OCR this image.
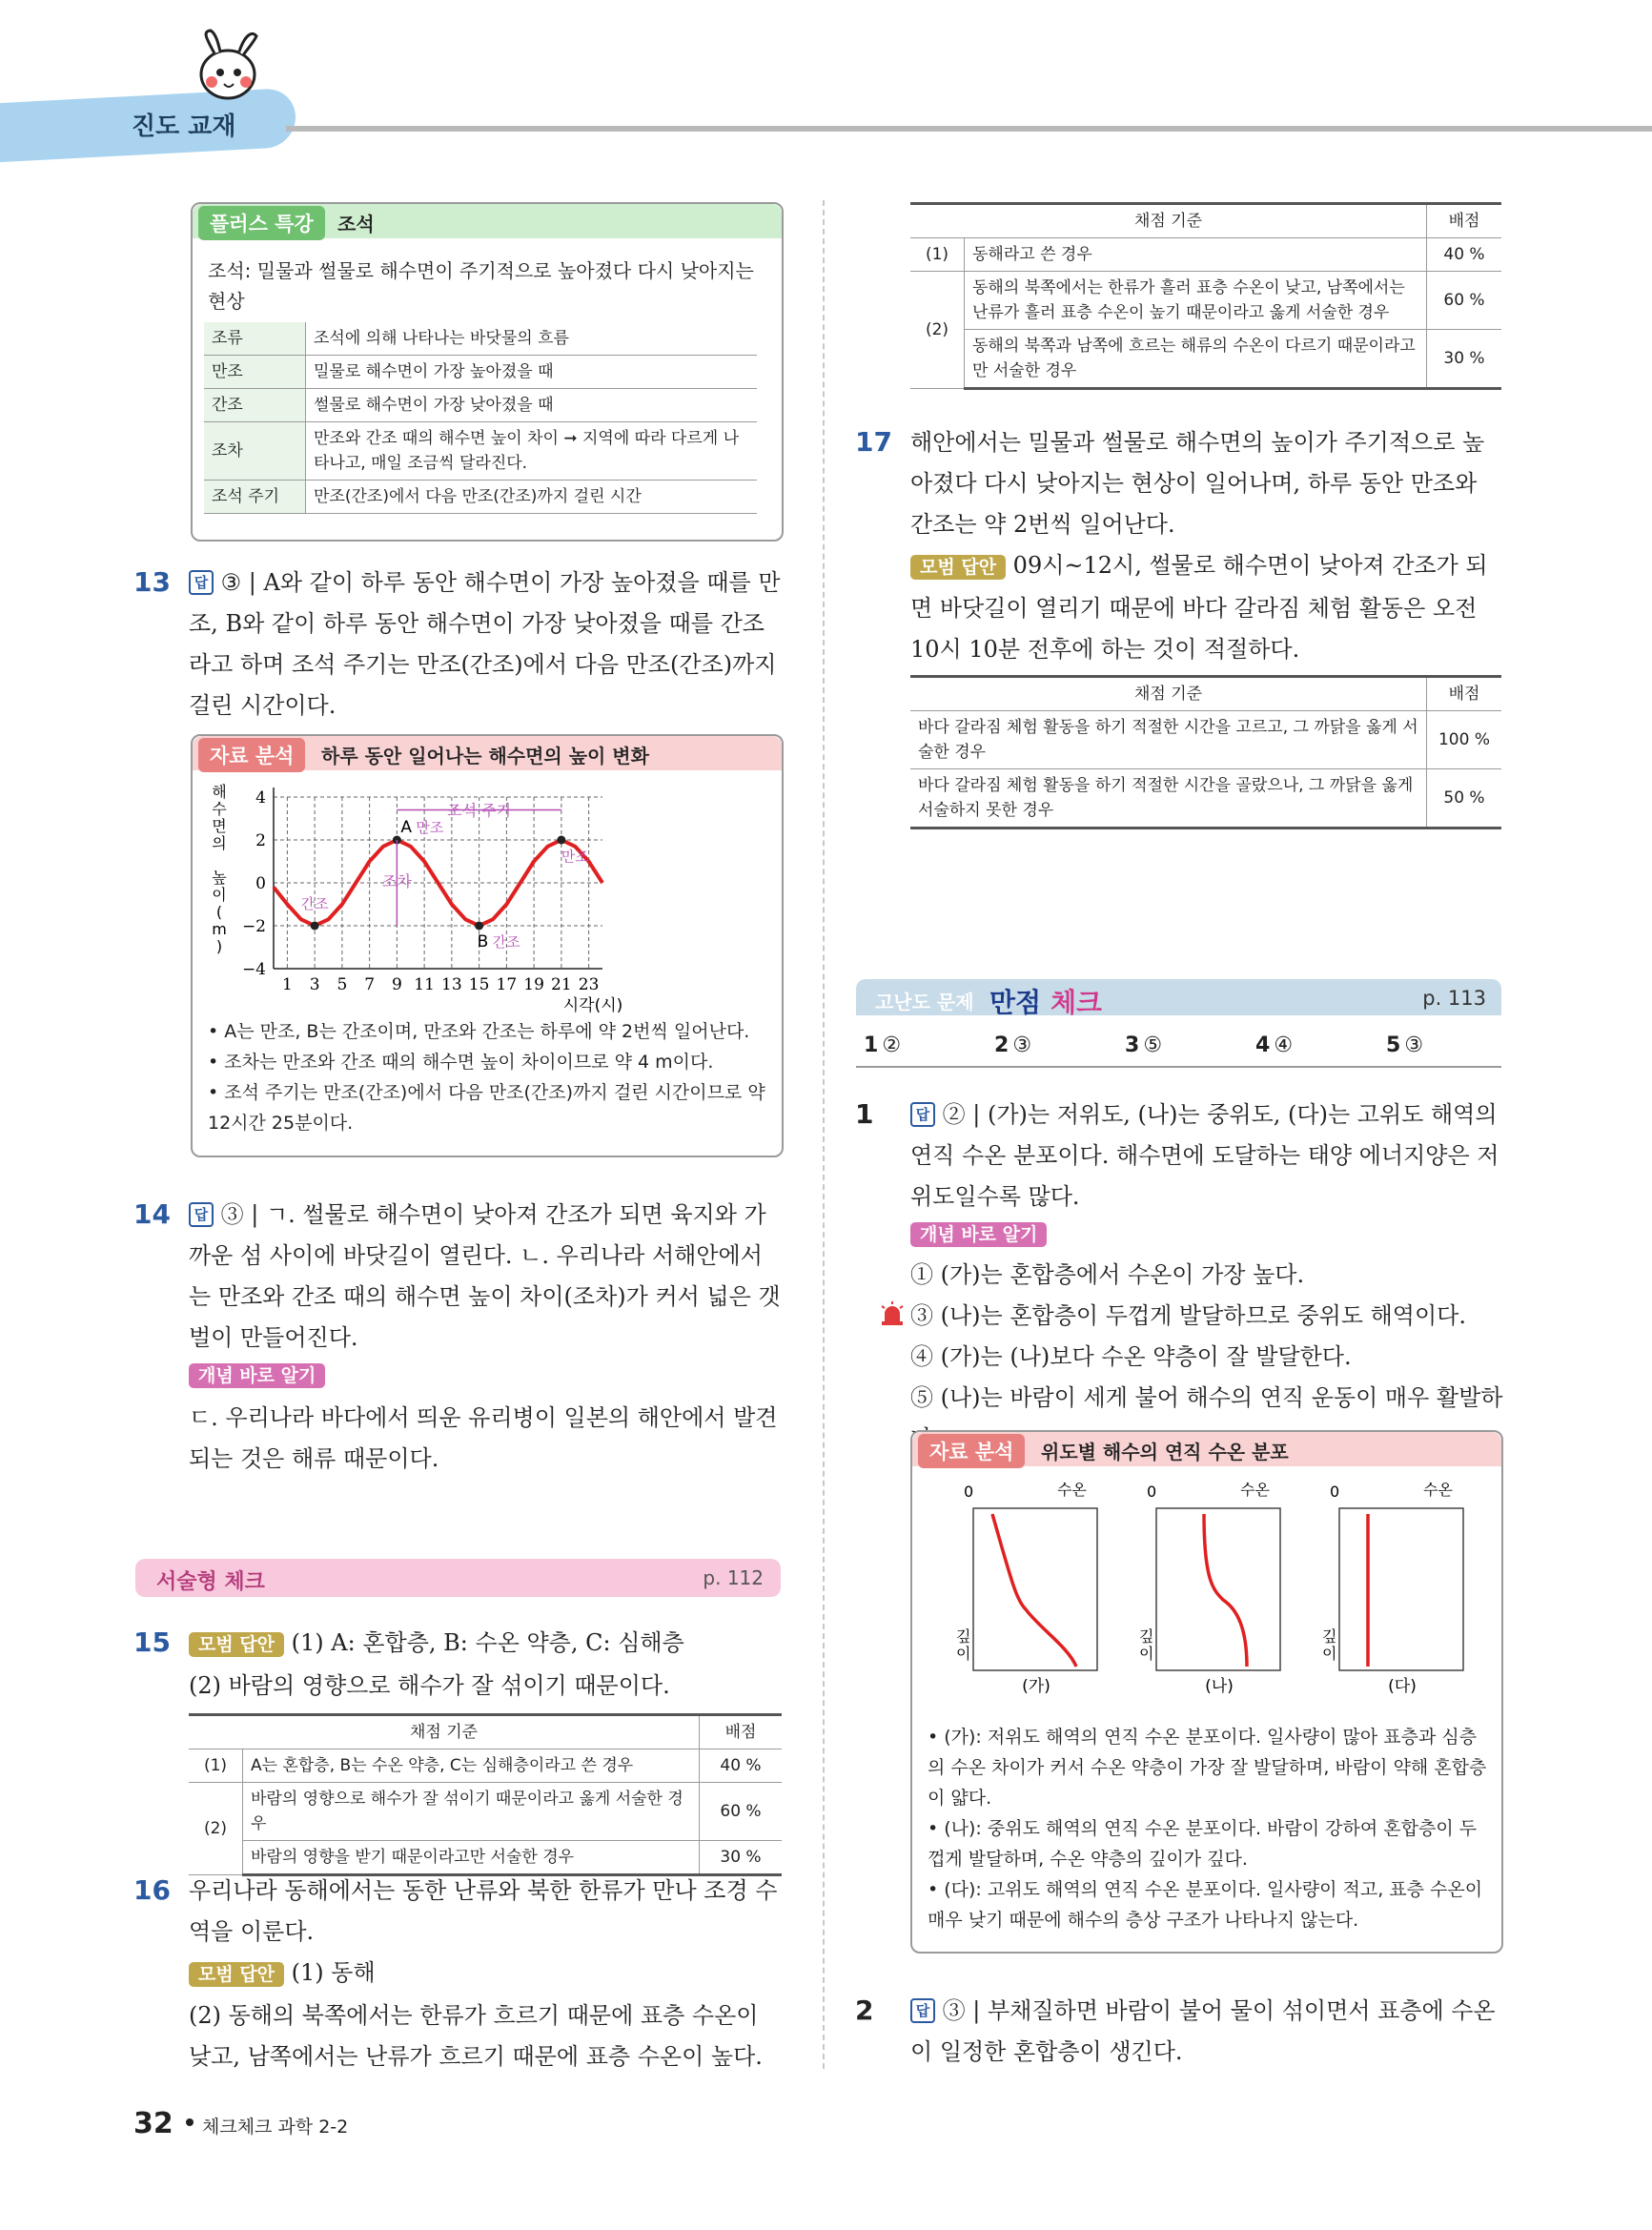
진도 교재
플러스 특강	조석
조석: 밀물과 썰물로 해수면이 주기적으로 높아졌다 다시 낮아지는 현상
조류	조석에 의해 나타나는 바닷물의 흐름
만조	밀물로 해수면이 가장 높아졌을 때
간조	썰물로 해수면이 가장 낮아졌을 때
조차	만조와 간조 때의 해수면 높이 차이 ➞ 지역에 따라 다르게 나타나고, 매일 조금씩 달라진다.
조석 주기	만조(간조)에서 다음 만조(간조)까지 걸린 시간
13	답 ③ | A와 같이 하루 동안 해수면이 가장 높아졌을 때를 만조, B와 같이 하루 동안 해수면이 가장 낮아졌을 때를 간조라고 하며 조석 주기는 만조(간조)에서 다음 만조(간조)까지 걸린 시간이다.
자료 분석	하루 동안 일어나는 해수면의 높이 변화
1 3 5 7 9 11 13 15 17 19 21 23
4
2
0
−2
−4
해
수
면
의
높
이
(
m
)
시각(시)
조석 주기
조차
A 만조
B 간조
간조
만조
• A는 만조, B는 간조이며, 만조와 간조는 하루에 약 2번씩 일어난다.
• 조차는 만조와 간조 때의 해수면 높이 차이이므로 약 4 m이다.
• 조석 주기는 만조(간조)에서 다음 만조(간조)까지 걸린 시간이므로 약 12시간 25분이다.
14	답 ③ | ㄱ. 썰물로 해수면이 낮아져 간조가 되면 육지와 가까운 섬 사이에 바닷길이 열린다. ㄴ. 우리나라 서해안에서는 만조와 간조 때의 해수면 높이 차이(조차)가 커서 넓은 갯벌이 만들어진다.
개념 바로 알기
ㄷ. 우리나라 바다에서 띄운 유리병이 일본의 해안에서 발견되는 것은 해류 때문이다.
서술형 체크	p. 112
15	모범 답안 (1) A: 혼합층, B: 수온 약층, C: 심해층
(2) 바람의 영향으로 해수가 잘 섞이기 때문이다.
채점 기준		배점
(1)	A는 혼합층, B는 수온 약층, C는 심해층이라고 쓴 경우	40 %
(2)	바람의 영향으로 해수가 잘 섞이기 때문이라고 옳게 서술한 경우	60 %
	바람의 영향을 받기 때문이라고만 서술한 경우	30 %
16 우리나라 동해에서는 동한 난류와 북한 한류가 만나 조경 수역을 이룬다.
모범 답안 (1) 동해
(2) 동해의 북쪽에서는 한류가 흐르기 때문에 표층 수온이 낮고, 남쪽에서는 난류가 흐르기 때문에 표층 수온이 높다.
32 체크체크 과학 2-2
채점 기준		배점
(1)	동해라고 쓴 경우	40 %
(2)	동해의 북쪽에서는 한류가 흘러 표층 수온이 낮고, 남쪽에서는 난류가 흘러 표층 수온이 높기 때문이라고 옳게 서술한 경우	60 %
	동해의 북쪽과 남쪽에 흐르는 해류의 수온이 다르기 때문이라고만 서술한 경우	30 %
17 해안에서는 밀물과 썰물로 해수면의 높이가 주기적으로 높아졌다 다시 낮아지는 현상이 일어나며, 하루 동안 만조와 간조는 약 2번씩 일어난다.
모범 답안 09시~12시, 썰물로 해수면이 낮아져 간조가 되면 바닷길이 열리기 때문에 바다 갈라짐 체험 활동은 오전 10시 10분 전후에 하는 것이 적절하다.
채점 기준	배점
바다 갈라짐 체험 활동을 하기 적절한 시간을 고르고, 그 까닭을 옳게 서술한 경우	100 %
바다 갈라짐 체험 활동을 하기 적절한 시간을 골랐으나, 그 까닭을 옳게 서술하지 못한 경우	50 %
고난도 문제 만점 체크	p. 113
1 ②	2 ③	3 ⑤	4 ④	5 ③
1	답 ② | (가)는 저위도, (나)는 중위도, (다)는 고위도 해역의 연직 수온 분포이다. 해수면에 도달하는 태양 에너지양은 저위도일수록 많다.
개념 바로 알기
① (가)는 혼합층에서 수온이 가장 높다.
③ (나)는 혼합층이 두껍게 발달하므로 중위도 해역이다.
④ (가)는 (나)보다 수온 약층이 잘 발달한다.
⑤ (나)는 바람이 세게 불어 해수의 연직 운동이 매우 활발하
자료 분석	위도별 해수의 연직 수온 분포
0	수온
깊
이
(가)
0	수온
깊
이
(나)
0	수온
깊
이
(다)
• (가): 저위도 해역의 연직 수온 분포이다. 일사량이 많아 표층과 심층의 수온 차이가 커서 수온 약층이 가장 잘 발달하며, 바람이 약해 혼합층이 얇다.
• (나): 중위도 해역의 연직 수온 분포이다. 바람이 강하여 혼합층이 두껍게 발달하며, 수온 약층의 깊이가 깊다.
• (다): 고위도 해역의 연직 수온 분포이다. 일사량이 적고, 표층 수온이 매우 낮기 때문에 해수의 층상 구조가 나타나지 않는다.
2	답 ③ | 부채질하면 바람이 불어 물이 섞이면서 표층에 수온이 일정한 혼합층이 생긴다.
